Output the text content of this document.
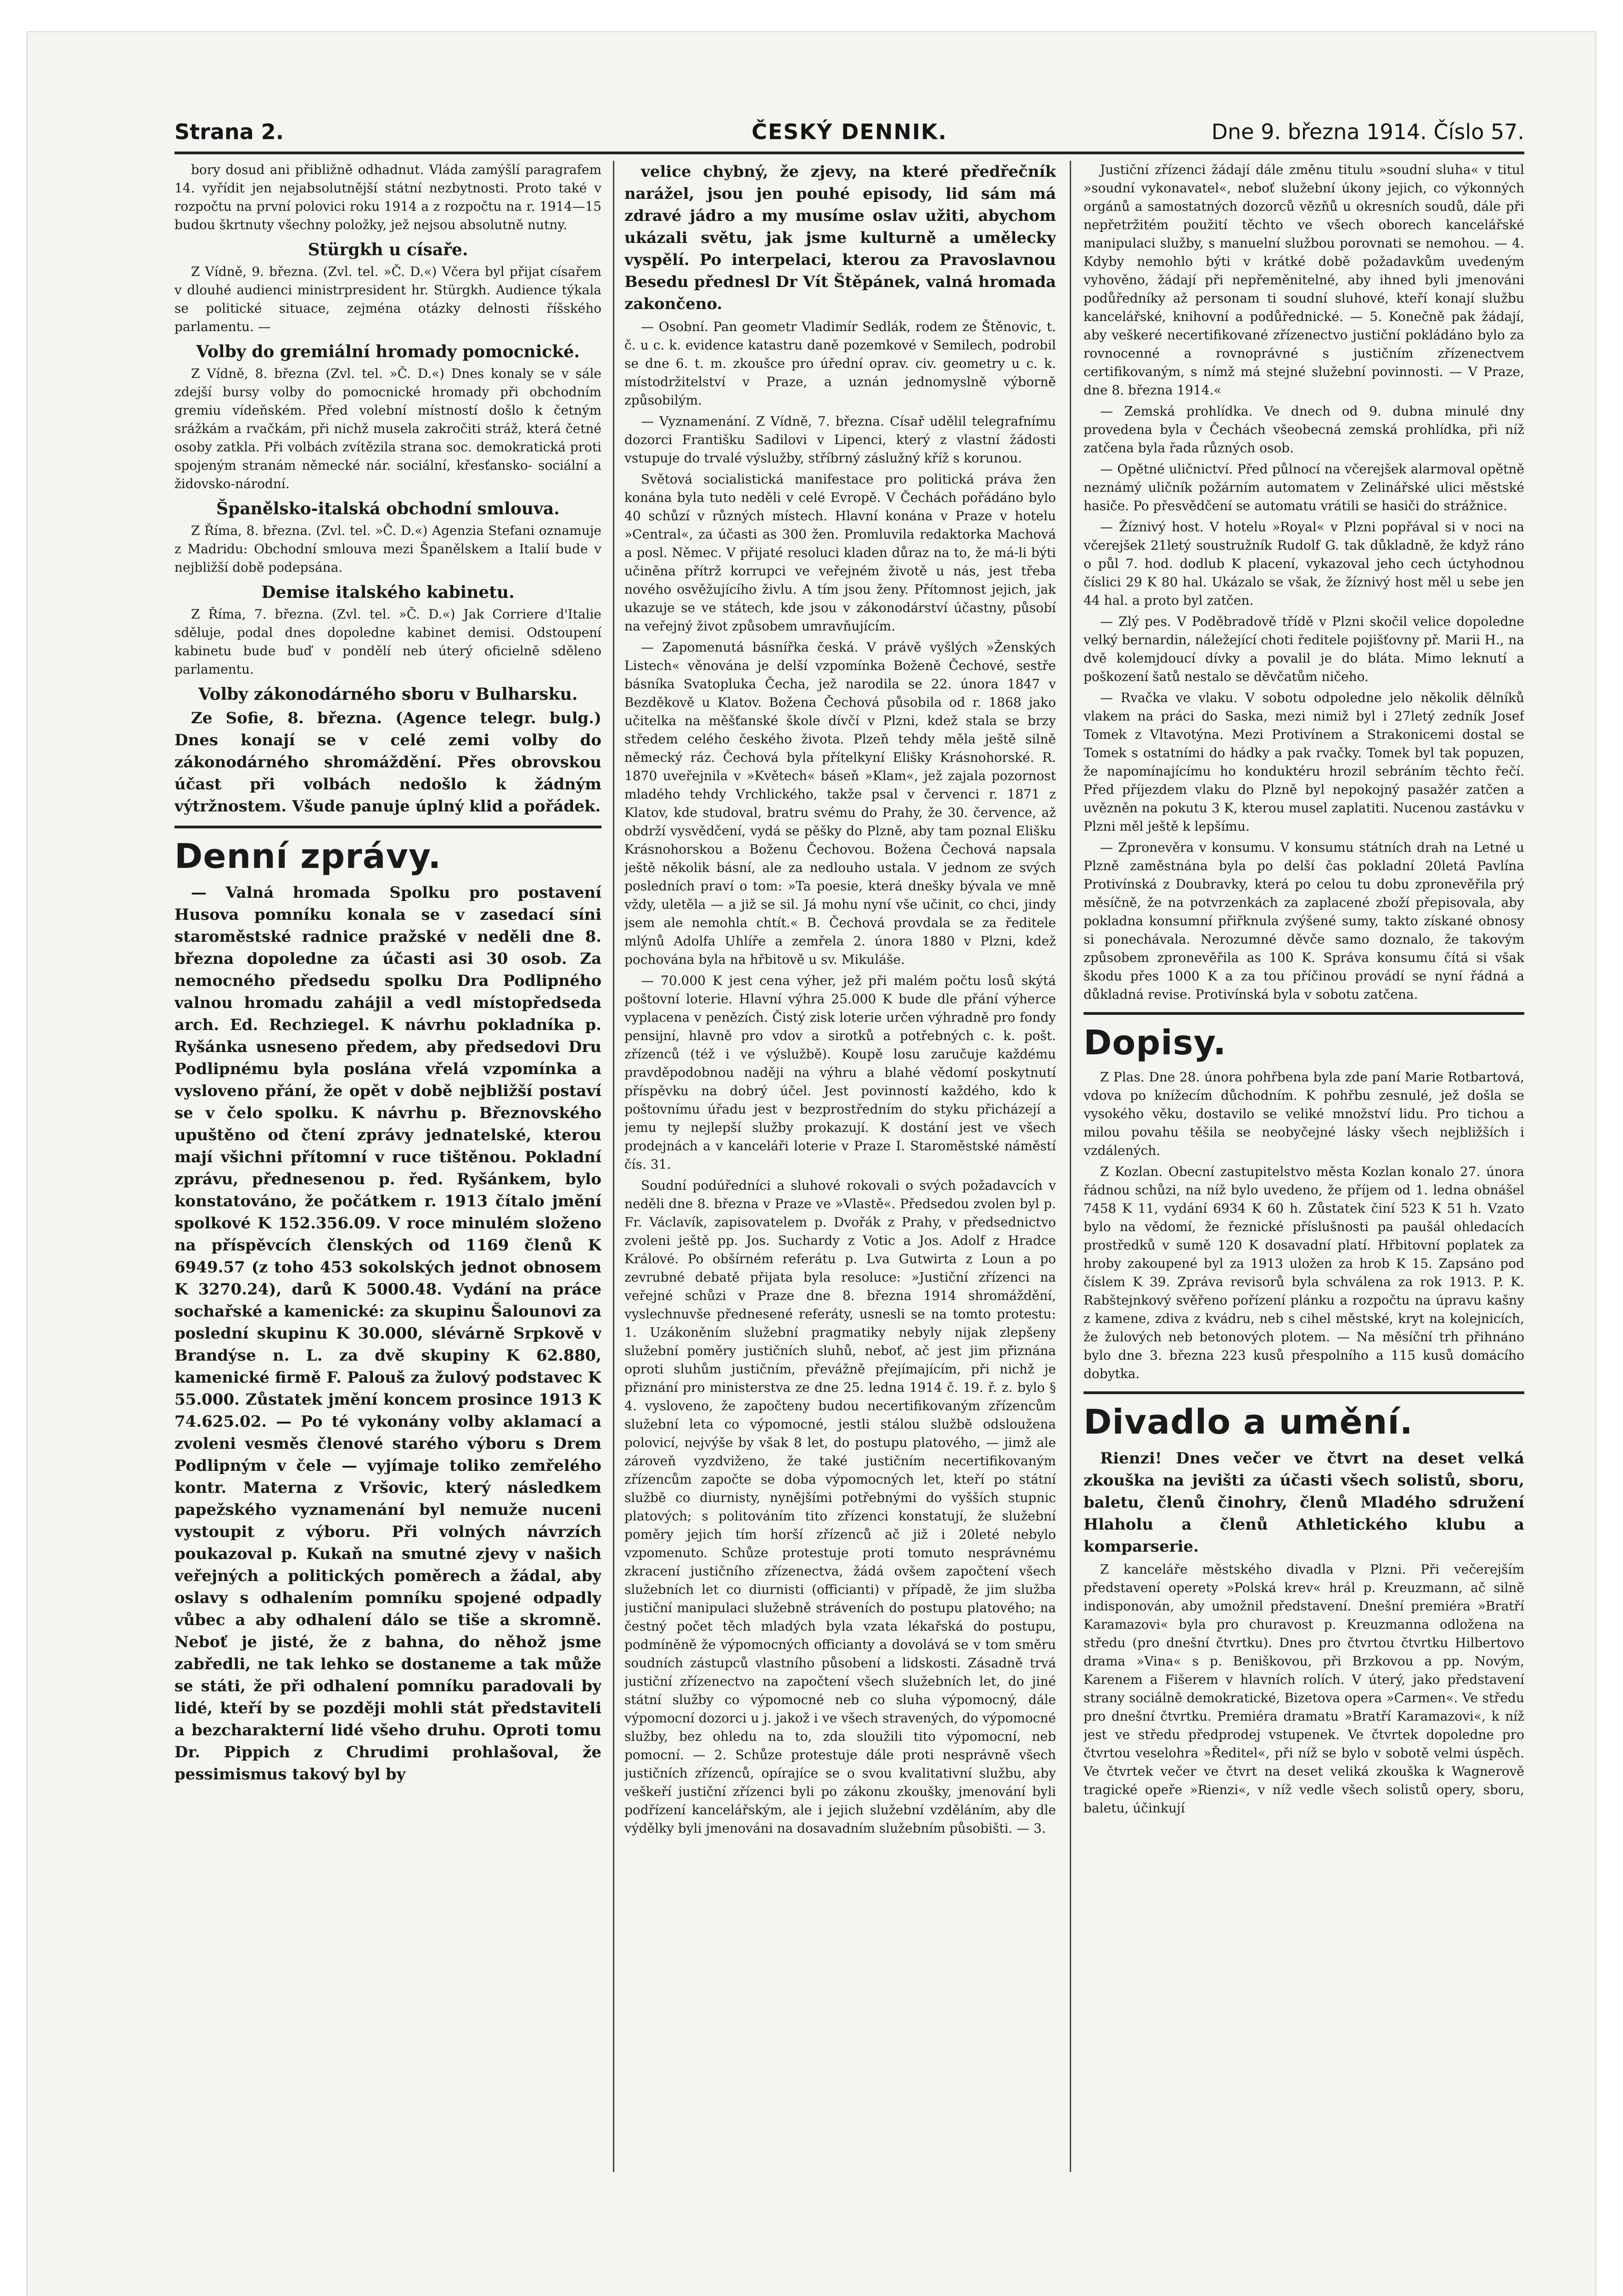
Strana 2.	ČESKÝ DENNIK.	Dne 9. března 1914. Číslo 57.

bory dosud ani přibližně odhadnut. Vláda zamýšlí paragrafem 14. vyřídit jen nejabsolutnější státní nezbytnosti. Proto také v rozpočtu na první polovici roku 1914 a z rozpočtu na r. 1914—15 budou škrtnuty všechny položky, jež nejsou absolutně nutny.

Stürgkh u císaře.

Z Vídně, 9. března. (Zvl. tel. »Č. D.«) Včera byl přijat císařem v dlouhé audienci ministrpresident hr. Stürgkh. Audience týkala se politické situace, zejména otázky delnosti říšského parlamentu. —

Volby do gremiální hromady pomocnické.

Z Vídně, 8. března (Zvl. tel. »Č. D.«) Dnes konaly se v sále zdejší bursy volby do pomocnické hromady při obchodním gremiu vídeňském. Před volební místností došlo k četným srážkám a rvačkám, při nichž musela zakročiti stráž, která četné osoby zatkla. Při volbách zvítězila strana soc. demokratická proti spojeným stranám německé nár. sociální, křesťansko- sociální a židovsko-národní.

Španělsko-italská obchodní smlouva.

Z Říma, 8. března. (Zvl. tel. »Č. D.«) Agenzia Stefani oznamuje z Madridu: Obchodní smlouva mezi Španělskem a Italií bude v nejbližší době podepsána.

Demise italského kabinetu.

Z Říma, 7. března. (Zvl. tel. »Č. D.«) Jak Corriere d'Italie sděluje, podal dnes dopoledne kabinet demisi. Odstoupení kabinetu bude buď v pondělí neb úterý oficielně sděleno parlamentu.

Volby zákonodárného sboru v Bulharsku.

Ze Sofie, 8. března. (Agence telegr. bulg.) Dnes konají se v celé zemi volby do zákonodárného shromáždění. Přes obrovskou účast při volbách nedošlo k žádným výtržnostem. Všude panuje úplný klid a pořádek.

Denní zprávy.

— Valná hromada Spolku pro postavení Husova pomníku konala se v zasedací síni staroměstské radnice pražské v neděli dne 8. března dopoledne za účasti asi 30 osob. Za nemocného předsedu spolku Dra Podlipného valnou hromadu zahájil a vedl místopředseda arch. Ed. Rechziegel. K návrhu pokladníka p. Ryšánka usneseno předem, aby předsedovi Dru Podlipnému byla poslána vřelá vzpomínka a vysloveno přání, že opět v době nejbližší postaví se v čelo spolku. K návrhu p. Březnovského upuštěno od čtení zprávy jednatelské, kterou mají všichni přítomní v ruce tištěnou. Pokladní zprávu, přednesenou p. řed. Ryšánkem, bylo konstatováno, že počátkem r. 1913 čítalo jmění spolkové K 152.356.09. V roce minulém složeno na příspěvcích členských od 1169 členů K 6949.57 (z toho 453 sokolských jednot obnosem K 3270.24), darů K 5000.48. Vydání na práce sochařské a kamenické: za skupinu Šalounovi za poslední skupinu K 30.000, slévárně Srpkově v Brandýse n. L. za dvě skupiny K 62.880, kamenické firmě F. Palouš za žulový podstavec K 55.000. Zůstatek jmění koncem prosince 1913 K 74.625.02. — Po té vykonány volby aklamací a zvoleni vesměs členové starého výboru s Drem Podlipným v čele — vyjímaje toliko zemřelého kontr. Materna z Vršovic, který následkem papežského vyznamenání byl nemuže nuceni vystoupit z výboru. Při volných návrzích poukazoval p. Kukaň na smutné zjevy v našich veřejných a politických poměrech a žádal, aby oslavy s odhalením pomníku spojené odpadly vůbec a aby odhalení dálo se tiše a skromně. Neboť je jisté, že z bahna, do něhož jsme zabředli, ne tak lehko se dostaneme a tak může se státi, že při odhalení pomníku paradovali by lidé, kteří by se později mohli stát představiteli a bezcharakterní lidé všeho druhu. Oproti tomu Dr. Pippich z Chrudimi prohlašoval, že pessimismus takový byl by

velice chybný, že zjevy, na které předřečník narážel, jsou jen pouhé episody, lid sám má zdravé jádro a my musíme oslav užiti, abychom ukázali světu, jak jsme kulturně a umělecky vyspělí. Po interpelaci, kterou za Pravoslavnou Besedu přednesl Dr Vít Štěpánek, valná hromada zakončeno.

— Osobní. Pan geometr Vladimír Sedlák, rodem ze Štěnovic, t. č. u c. k. evidence katastru daně pozemkové v Semilech, podrobil se dne 6. t. m. zkoušce pro úřední oprav. civ. geometry u c. k. místodržitelství v Praze, a uznán jednomyslně výborně způsobilým.

— Vyznamenání. Z Vídně, 7. března. Císař udělil telegrafnímu dozorci Františku Sadilovi v Lipenci, který z vlastní žádosti vstupuje do trvalé výslužby, stříbrný záslužný kříž s korunou.

Světová socialistická manifestace pro politická práva žen konána byla tuto neděli v celé Evropě. V Čechách pořádáno bylo 40 schůzí v různých místech. Hlavní konána v Praze v hotelu »Central«, za účasti as 300 žen. Promluvila redaktorka Machová a posl. Němec. V přijaté resoluci kladen důraz na to, že má-li býti učiněna přítrž korrupci ve veřejném životě u nás, jest třeba nového osvěžujícího živlu. A tím jsou ženy. Přítomnost jejich, jak ukazuje se ve státech, kde jsou v zákonodárství účastny, působí na veřejný život způsobem umravňujícím.

— Zapomenutá básnířka česká. V právě vyšlých »Ženských Listech« věnována je delší vzpomínka Boženě Čechové, sestře básníka Svatopluka Čecha, jež narodila se 22. února 1847 v Bezděkově u Klatov. Božena Čechová působila od r. 1868 jako učitelka na měšťanské škole dívčí v Plzni, kdež stala se brzy středem celého českého života. Plzeň tehdy měla ještě silně německý ráz. Čechová byla přítelkyní Elišky Krásnohorské. R. 1870 uveřejnila v »Květech« báseň »Klam«, jež zajala pozornost mladého tehdy Vrchlického, takže psal v červenci r. 1871 z Klatov, kde studoval, bratru svému do Prahy, že 30. července, až obdrží vysvědčení, vydá se pěšky do Plzně, aby tam poznal Elišku Krásnohorskou a Boženu Čechovou. Božena Čechová napsala ještě několik básní, ale za nedlouho ustala. V jednom ze svých posledních praví o tom: »Ta poesie, která dnešky bývala ve mně vždy, uletěla — a již se sil. Já mohu nyní vše učinit, co chci, jindy jsem ale nemohla chtít.« B. Čechová provdala se za ředitele mlýnů Adolfa Uhlíře a zemřela 2. února 1880 v Plzni, kdež pochována byla na hřbitově u sv. Mikuláše.

— 70.000 K jest cena výher, jež při malém počtu losů skýtá poštovní loterie. Hlavní výhra 25.000 K bude dle přání výherce vyplacena v penězích. Čistý zisk loterie určen výhradně pro fondy pensijní, hlavně pro vdov a sirotků a potřebných c. k. pošt. zřízenců (též i ve výslužbě). Koupě losu zaručuje každému pravděpodobnou naději na výhru a blahé vědomí poskytnutí příspěvku na dobrý účel. Jest povinností každého, kdo k poštovnímu úřadu jest v bezprostředním do styku přicházejí a jemu ty nejlepší služby prokazují. K dostání jest ve všech prodejnách a v kanceláři loterie v Praze I. Staroměstské náměstí čís. 31.

Soudní podúředníci a sluhové rokovali o svých požadavcích v neděli dne 8. března v Praze ve »Vlastě«. Předsedou zvolen byl p. Fr. Václavík, zapisovatelem p. Dvořák z Prahy, v předsednictvo zvoleni ještě pp. Jos. Suchardy z Votic a Jos. Adolf z Hradce Králové. Po obšírném referátu p. Lva Gutwirta z Loun a po zevrubné debatě přijata byla resoluce: »Justiční zřízenci na veřejné schůzi v Praze dne 8. března 1914 shromáždění, vyslechnuvše přednesené referáty, usnesli se na tomto protestu: 1. Uzákoněním služební pragmatiky nebyly nijak zlepšeny služební poměry justičních sluhů, neboť, ač jest jim přiznána oproti sluhům justičním, převážně přejímajícím, při nichž je přiznání pro ministerstva ze dne 25. ledna 1914 č. 19. ř. z. bylo § 4. vysloveno, že započteny budou necertifikovaným zřízencům služební leta co výpomocné, jestli stálou službě odsloužena polovicí, nejvýše by však 8 let, do postupu platového, — jimž ale zároveň vyzdviženo, že také justičním necertifikovaným zřízencům započte se doba výpomocných let, kteří po státní službě co diurnisty, nynějšími potřebnými do vyšších stupnic platových; s politováním tito zřízenci konstatují, že služební poměry jejich tím horší zřízenců ač již i 20leté nebylo vzpomenuto. Schůze protestuje proti tomuto nesprávnému zkracení justičního zřízenectva, žádá ovšem započtení všech služebních let co diurnisti (officianti) v případě, že jim služba justiční manipulaci služebně stráveních do postupu platového; na čestný počet těch mladých byla vzata lékařská do postupu, podmíněně že výpomocných officianty a dovolává se v tom směru soudních zástupců vlastního působení a lidskosti. Zásadně trvá justiční zřízenectvo na započtení všech služebních let, do jiné státní služby co výpomocné neb co sluha výpomocný, dále výpomocní dozorci u j. jakož i ve všech stravených, do výpomocné služby, bez ohledu na to, zda sloužili tito výpomocní, neb pomocní. — 2. Schůze protestuje dále proti nesprávně všech justičních zřízenců, opírajíce se o svou kvalitativní službu, aby veškeří justiční zřízenci byli po zákonu zkoušky, jmenování byli podřízení kancelářským, ale i jejich služební vzděláním, aby dle výdělky byli jmenováni na dosavadním služebním působišti. — 3.

Justiční zřízenci žádají dále změnu titulu »soudní sluha« v titul »soudní vykonavatel«, neboť služební úkony jejich, co výkonných orgánů a samostatných dozorců vězňů u okresních soudů, dále při nepřetržitém použití těchto ve všech oborech kancelářské manipulaci služby, s manuelní službou porovnati se nemohou. — 4. Kdyby nemohlo býti v krátké době požadavkům uvedeným vyhověno, žádají při nepřeměnitelné, aby ihned byli jmenováni podůředníky až personam ti soudní sluhové, kteří konají službu kancelářské, knihovní a podůřednické. — 5. Konečně pak žádají, aby veškeré necertifikované zřízenectvo justiční pokládáno bylo za rovnocenné a rovnoprávné s justičním zřízenectvem certifikovaným, s nímž má stejné služební povinnosti. — V Praze, dne 8. března 1914.«

— Zemská prohlídka. Ve dnech od 9. dubna minulé dny provedena byla v Čechách všeobecná zemská prohlídka, při níž zatčena byla řada různých osob.

— Opětné uličnictví. Před půlnocí na včerejšek alarmoval opětně neznámý uličník požárním automatem v Zelinářské ulici městské hasiče. Po přesvědčení se automatu vrátili se hasiči do strážnice.

— Žíznivý host. V hotelu »Royal« v Plzni popřával si v noci na včerejšek 21letý soustružník Rudolf G. tak důkladně, že když ráno o půl 7. hod. dodlub K placení, vykazoval jeho cech úctyhodnou číslici 29 K 80 hal. Ukázalo se však, že žíznivý host měl u sebe jen 44 hal. a proto byl zatčen.

— Zlý pes. V Poděbradově třídě v Plzni skočil velice dopoledne velký bernardin, náležející choti ředitele pojišťovny př. Marii H., na dvě kolemjdoucí dívky a povalil je do bláta. Mimo leknutí a poškození šatů nestalo se děvčatům ničeho.

— Rvačka ve vlaku. V sobotu odpoledne jelo několik dělníků vlakem na práci do Saska, mezi nimiž byl i 27letý zedník Josef Tomek z Vltavotýna. Mezi Protivínem a Strakonicemi dostal se Tomek s ostatními do hádky a pak rvačky. Tomek byl tak popuzen, že napomínajícímu ho konduktéru hrozil sebráním těchto řečí. Před příjezdem vlaku do Plzně byl nepokojný pasažér zatčen a uvězněn na pokutu 3 K, kterou musel zaplatiti. Nucenou zastávku v Plzni měl ještě k lepšímu.

— Zpronevěra v konsumu. V konsumu státních drah na Letné u Plzně zaměstnána byla po delší čas pokladní 20letá Pavlína Protivínská z Doubravky, která po celou tu dobu zpronevěřila prý měsíčně, že na potvrzenkách za zaplacené zboží přepisovala, aby pokladna konsumní přiřknula zvýšené sumy, takto získané obnosy si ponechávala. Nerozumné děvče samo doznalo, že takovým způsobem zpronevěřila as 100 K. Správa konsumu čítá si však škodu přes 1000 K a za tou příčinou provádí se nyní řádná a důkladná revise. Protivínská byla v sobotu zatčena.

Dopisy.

Z Plas. Dne 28. února pohřbena byla zde paní Marie Rotbartová, vdova po knížecím důchodním. K pohřbu zesnulé, jež došla se vysokého věku, dostavilo se veliké množství lidu. Pro tichou a milou povahu těšila se neobyčejné lásky všech nejbližších i vzdálených.

Z Kozlan. Obecní zastupitelstvo města Kozlan konalo 27. února řádnou schůzi, na níž bylo uvedeno, že příjem od 1. ledna obnášel 7458 K 11, vydání 6934 K 60 h. Zůstatek činí 523 K 51 h. Vzato bylo na vědomí, že řeznické příslušnosti pa paušál ohledacích prostředků v sumě 120 K dosavadní platí. Hřbitovní poplatek za hroby zakoupené byl za 1913 uložen za hrob K 15. Zapsáno pod číslem K 39. Zpráva revisorů byla schválena za rok 1913. P. K. Rabštejnkový svěřeno pořízení plánku a rozpočtu na úpravu kašny z kamene, zdiva z kvádru, neb s cihel městské, kryt na kolejnicích, že žulových neb betonových plotem. — Na měsíční trh přihnáno bylo dne 3. března 223 kusů přespolního a 115 kusů domácího dobytka.

Divadlo a umění.

Rienzi! Dnes večer ve čtvrt na deset velká zkouška na jevišti za účasti všech solistů, sboru, baletu, členů činohry, členů Mladého sdružení Hlaholu a členů Athletického klubu a komparserie.

Z kanceláře městského divadla v Plzni. Při večerejším představení operety »Polská krev« hrál p. Kreuzmann, ač silně indisponován, aby umožnil představení. Dnešní premiéra »Bratří Karamazovi« byla pro churavost p. Kreuzmanna odložena na středu (pro dnešní čtvrtku). Dnes pro čtvrtou čtvrtku Hilbertovo drama »Vina« s p. Beniškovou, při Brzkovou a pp. Novým, Karenem a Fišerem v hlavních rolích. V úterý, jako představení strany sociálně demokratické, Bizetova opera »Carmen«. Ve středu pro dnešní čtvrtku. Premiéra dramatu »Bratří Karamazovi«, k níž jest ve středu předprodej vstupenek. Ve čtvrtek dopoledne pro čtvrtou veselohra »Ředitel«, při níž se bylo v sobotě velmi úspěch. Ve čtvrtek večer ve čtvrt na deset veliká zkouška k Wagnerově tragické opeře »Rienzi«, v níž vedle všech solistů opery, sboru, baletu, účinkují
